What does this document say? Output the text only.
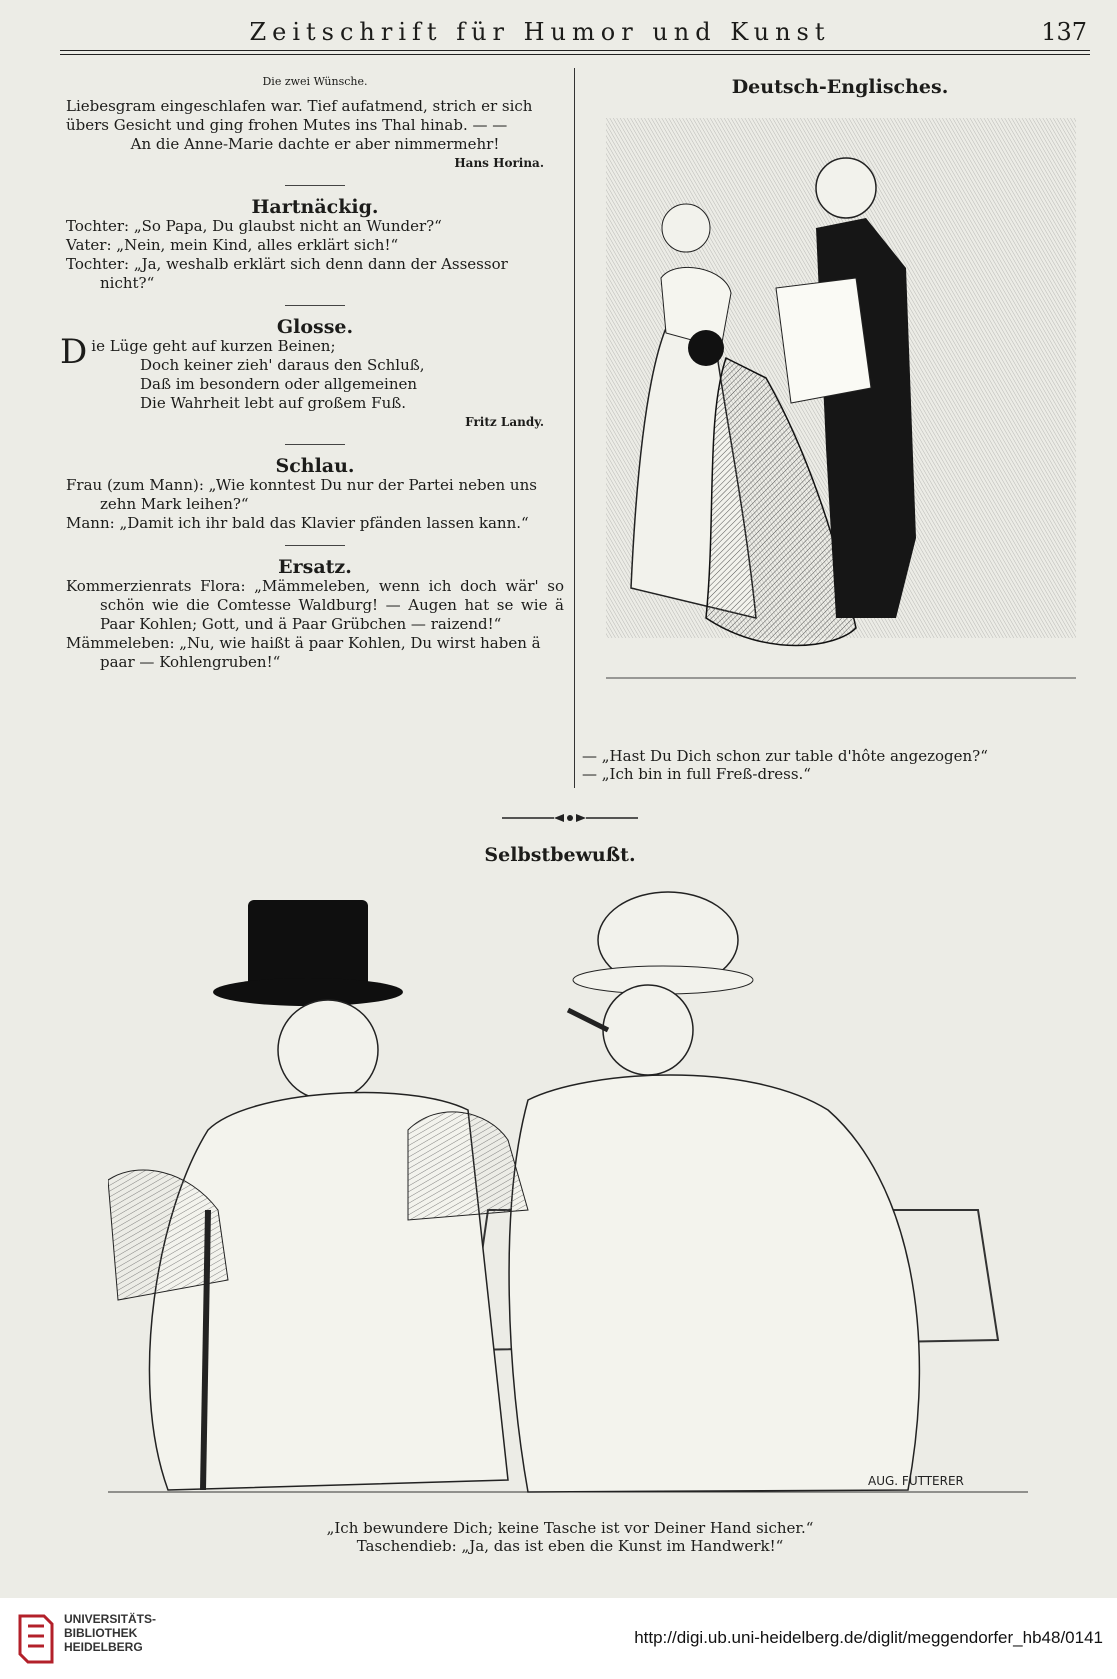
Zeitschrift für Humor und Kunst	137

Die zwei Wünsche.

Liebesgram eingeschlafen war. Tief aufatmend, strich er sich

übers Gesicht und ging frohen Mutes ins Thal hinab. — —

An die Anne-Marie dachte er aber nimmermehr!

Hans Horina.

Hartnäckig.

Tochter: „So Papa, Du glaubst nicht an Wunder?“

Vater: „Nein, mein Kind, alles erklärt sich!“

Tochter: „Ja, weshalb erklärt sich denn dann der Assessor nicht?“

Glosse.

D ie Lüge geht auf kurzen Beinen;

Doch keiner zieh' daraus den Schluß,

Daß im besondern oder allgemeinen

Die Wahrheit lebt auf großem Fuß.

Fritz Landy.

Schlau.

Frau (zum Mann): „Wie konntest Du nur der Partei neben uns zehn Mark leihen?“

Mann: „Damit ich ihr bald das Klavier pfänden lassen kann.“

Ersatz.

Kommerzienrats Flora: „Mämmeleben, wenn ich doch wär' so schön wie die Comtesse Waldburg! — Augen hat se wie ä Paar Kohlen; Gott, und ä Paar Grübchen — raizend!“

Mämmeleben: „Nu, wie haißt ä paar Kohlen, Du wirst haben ä paar — Kohlengruben!“

Deutsch-Englisches.

— „Hast Du Dich schon zur table d'hôte angezogen?“

— „Ich bin in full Freß-dress.“

Selbstbewußt.

AUG. FUTTERER

„Ich bewundere Dich; keine Tasche ist vor Deiner Hand sicher.“

Taschendieb: „Ja, das ist eben die Kunst im Handwerk!“

UNIVERSITÄTS-
BIBLIOTHEK
HEIDELBERG	http://digi.ub.uni-heidelberg.de/diglit/meggendorfer_hb48/0141
